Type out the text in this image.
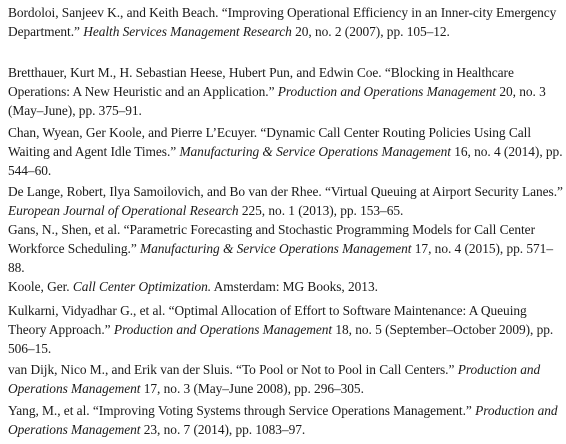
Bordoloi, Sanjeev K., and Keith Beach. “Improving Operational Efficiency in an Inner-city Emergency Department.” Health Services Management Research 20, no. 2 (2007), pp. 105–12.
Bretthauer, Kurt M., H. Sebastian Heese, Hubert Pun, and Edwin Coe. “Blocking in Healthcare Operations: A New Heuristic and an Application.” Production and Operations Management 20, no. 3 (May–June), pp. 375–91.
Chan, Wyean, Ger Koole, and Pierre L’Ecuyer. “Dynamic Call Center Routing Policies Using Call Waiting and Agent Idle Times.” Manufacturing & Service Operations Management 16, no. 4 (2014), pp. 544–60.
De Lange, Robert, Ilya Samoilovich, and Bo van der Rhee. “Virtual Queuing at Airport Security Lanes.” European Journal of Operational Research 225, no. 1 (2013), pp. 153–65.
Gans, N., Shen, et al. “Parametric Forecasting and Stochastic Programming Models for Call Center Workforce Scheduling.” Manufacturing & Service Operations Management 17, no. 4 (2015), pp. 571–88.
Koole, Ger. Call Center Optimization. Amsterdam: MG Books, 2013.
Kulkarni, Vidyadhar G., et al. “Optimal Allocation of Effort to Software Maintenance: A Queuing Theory Approach.” Production and Operations Management 18, no. 5 (September–October 2009), pp. 506–15.
van Dijk, Nico M., and Erik van der Sluis. “To Pool or Not to Pool in Call Centers.” Production and Operations Management 17, no. 3 (May–June 2008), pp. 296–305.
Yang, M., et al. “Improving Voting Systems through Service Operations Management.” Production and Operations Management 23, no. 7 (2014), pp. 1083–97.
